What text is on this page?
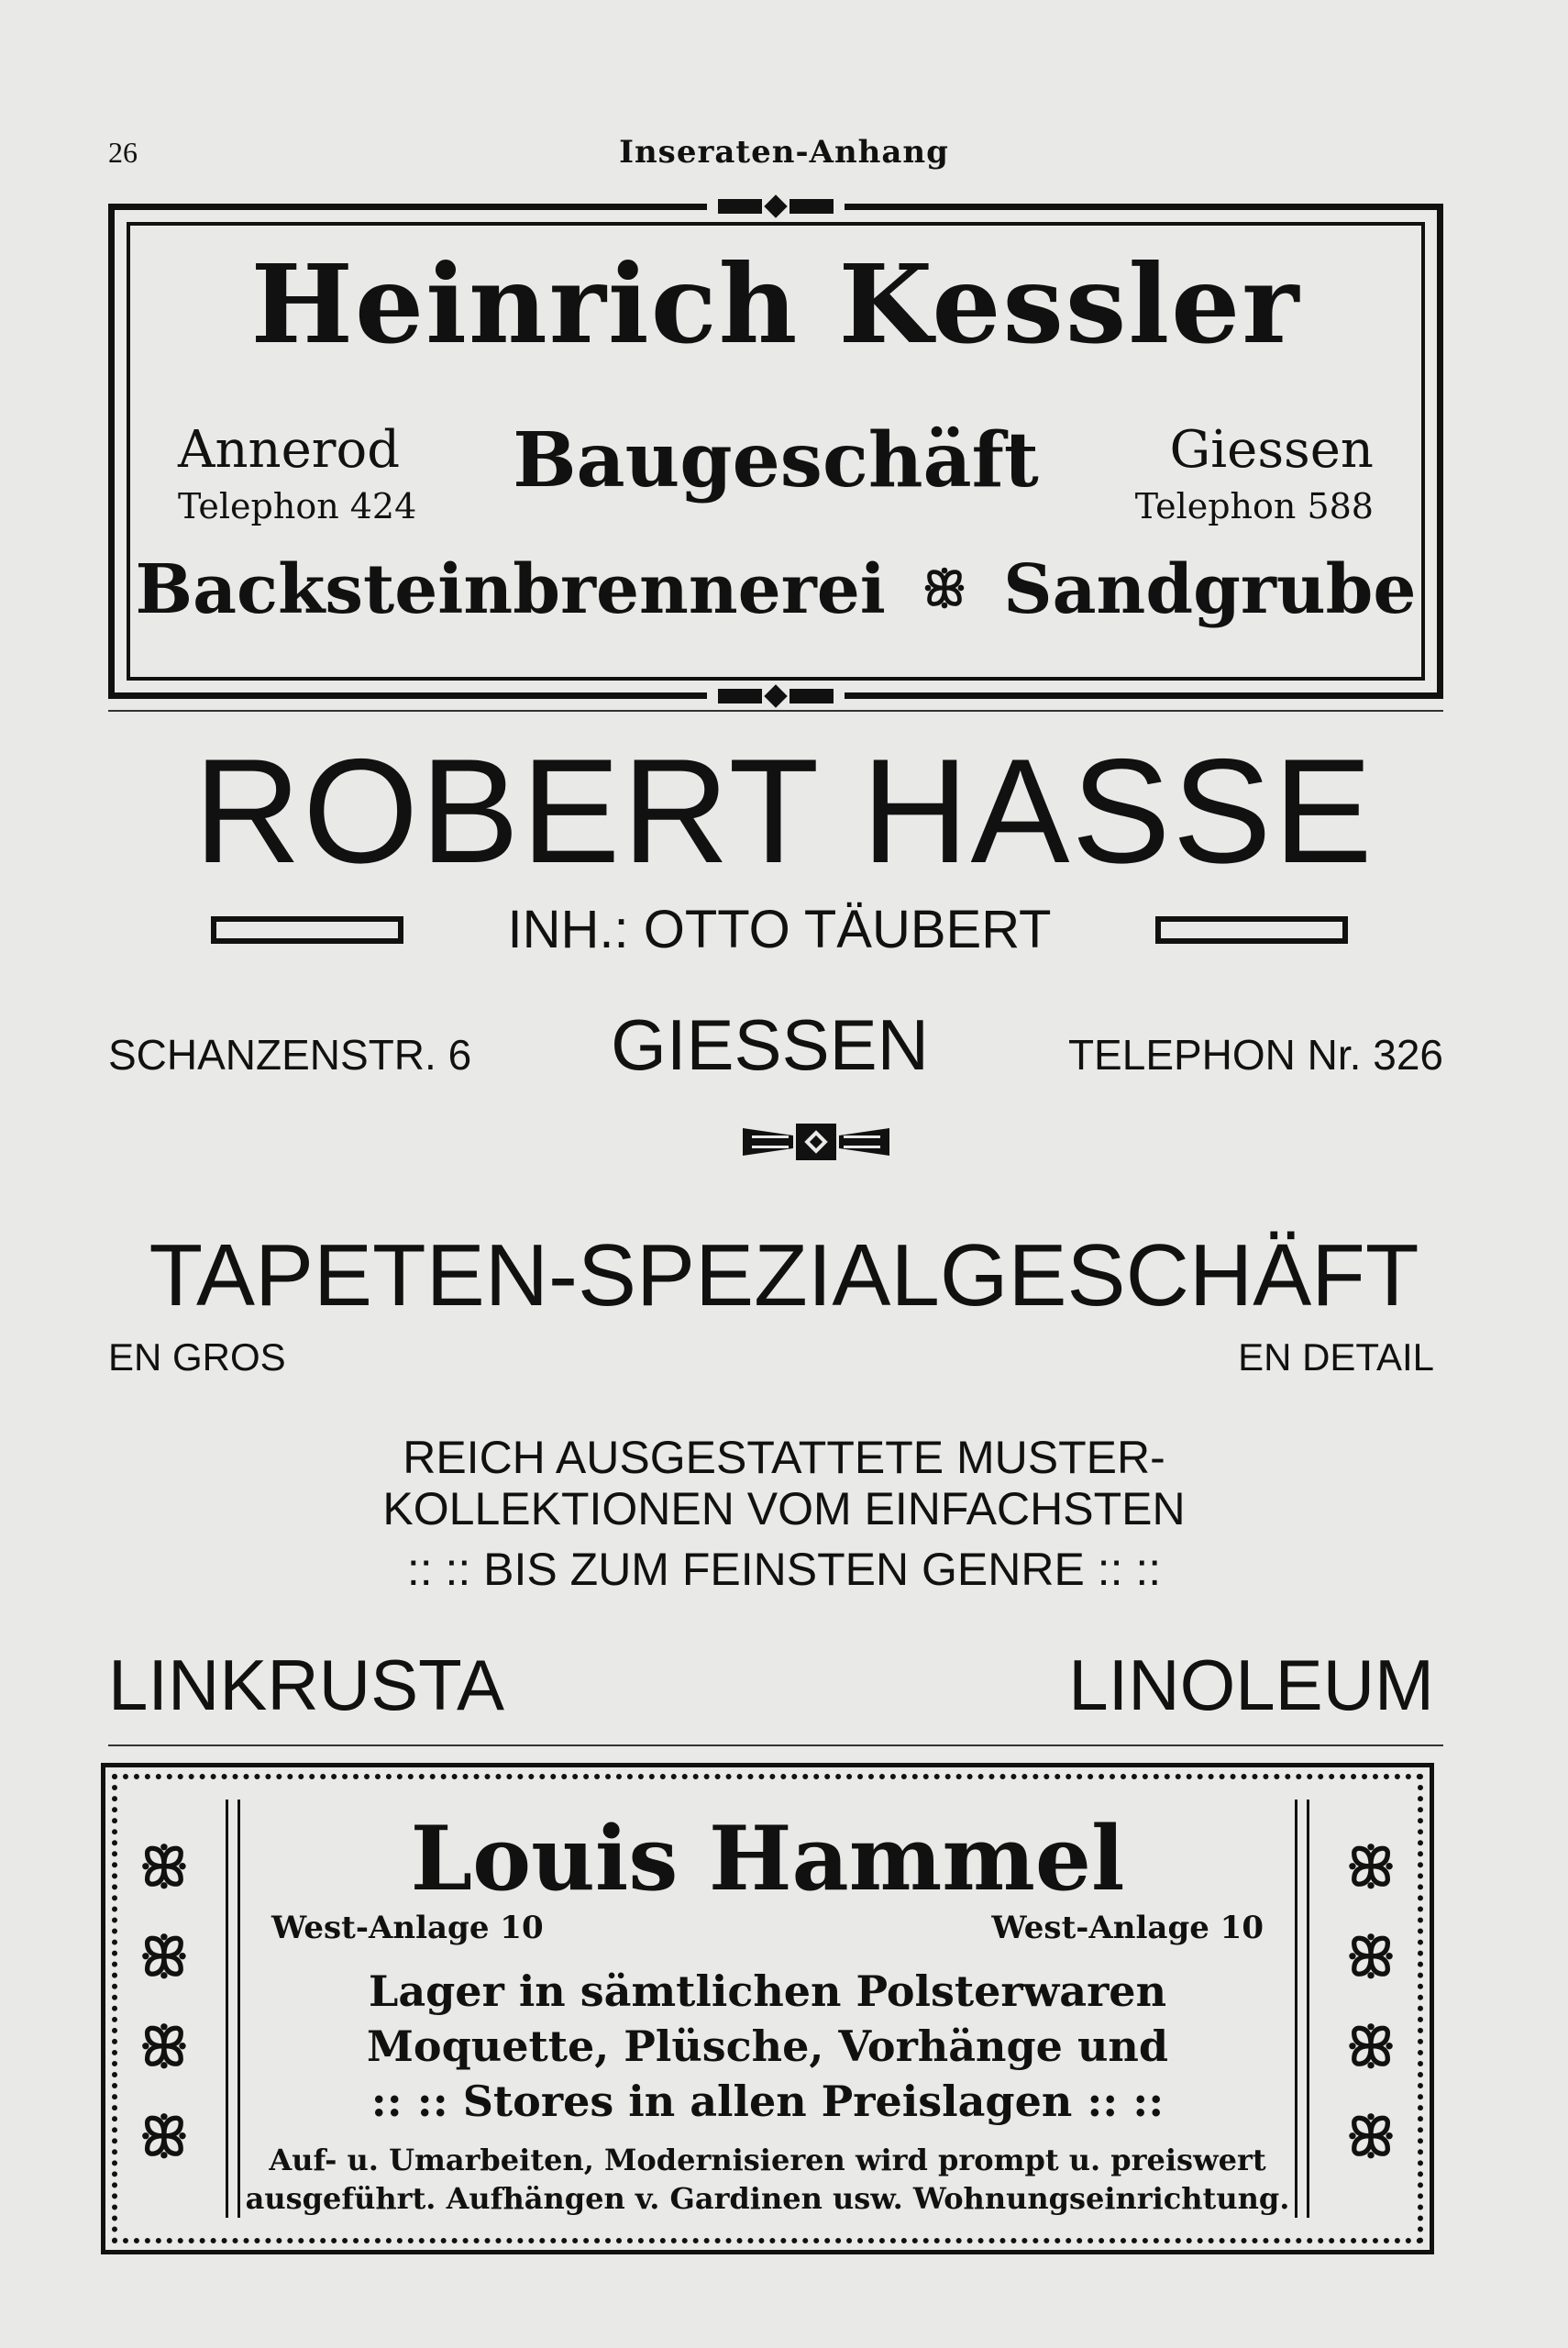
26	Inseraten-Anhang
Heinrich Kessler
Annerod
Telephon 424
Baugeschäft	Giessen
Telephon 588
Backsteinbrennerei ꕥ Sandgrube
ROBERT HASSE
INH.: OTTO TÄUBERT
SCHANZENSTR. 6 GIESSEN	TELEPHON Nr. 326
TAPETEN-SPEZIALGESCHÄFT
EN GROS	EN DETAIL
REICH AUSGESTATTETE MUSTER-
KOLLEKTIONEN VOM EINFACHSTEN
:: :: BIS ZUM FEINSTEN GENRE :: ::
LINKRUSTA	LINOLEUM
ꕥ
ꕥ
ꕥ
ꕥ
ꕥ
ꕥ
ꕥ
ꕥ
Louis Hammel
West-Anlage 10	West-Anlage 10
Lager in sämtlichen Polsterwaren
Moquette, Plüsche, Vorhänge und
:: :: Stores in allen Preislagen :: ::
Auf- u. Umarbeiten, Modernisieren wird prompt u. preiswert
ausgeführt. Aufhängen v. Gardinen usw. Wohnungseinrichtung.
